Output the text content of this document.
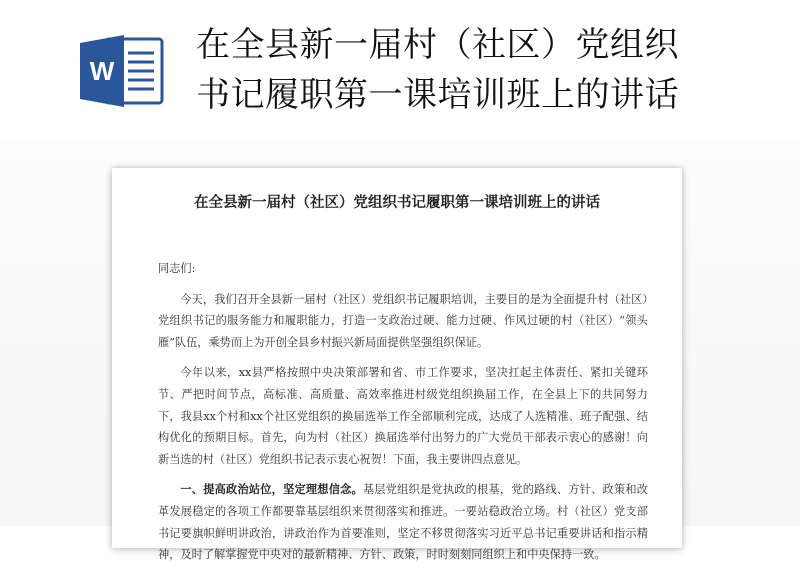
W
在全县新一届村（社区）党组织
书记履职第一课培训班上的讲话
在全县新一届村（社区）党组织书记履职第一课培训班上的讲话

同志们:

今天，我们召开全县新一届村（社区）党组织书记履职培训，主要目的是为全面提升村（社区）党组织书记的服务能力和履职能力，打造一支政治过硬、能力过硬、作风过硬的村（社区）“领头雁”队伍，乘势而上为开创全县乡村振兴新局面提供坚强组织保证。

今年以来，xx县严格按照中央决策部署和省、市工作要求，坚决扛起主体责任、紧扣关键环节、严把时间节点，高标准、高质量、高效率推进村级党组织换届工作，在全县上下的共同努力下，我县xx个村和xx个社区党组织的换届选举工作全部顺利完成，达成了人选精准、班子配强、结构优化的预期目标。首先，向为村（社区）换届选举付出努力的广大党员干部表示衷心的感谢！向新当选的村（社区）党组织书记表示衷心祝贺！下面，我主要讲四点意见。

一、提高政治站位，坚定理想信念。基层党组织是党执政的根基，党的路线、方针、政策和改革发展稳定的各项工作都要靠基层组织来贯彻落实和推进。一要站稳政治立场。村（社区）党支部书记要旗帜鲜明讲政治，讲政治作为首要准则，坚定不移贯彻落实习近平总书记重要讲话和指示精神，及时了解掌握党中央对的最新精神、方针、政策，时时刻刻同组织上和中央保持一致。
